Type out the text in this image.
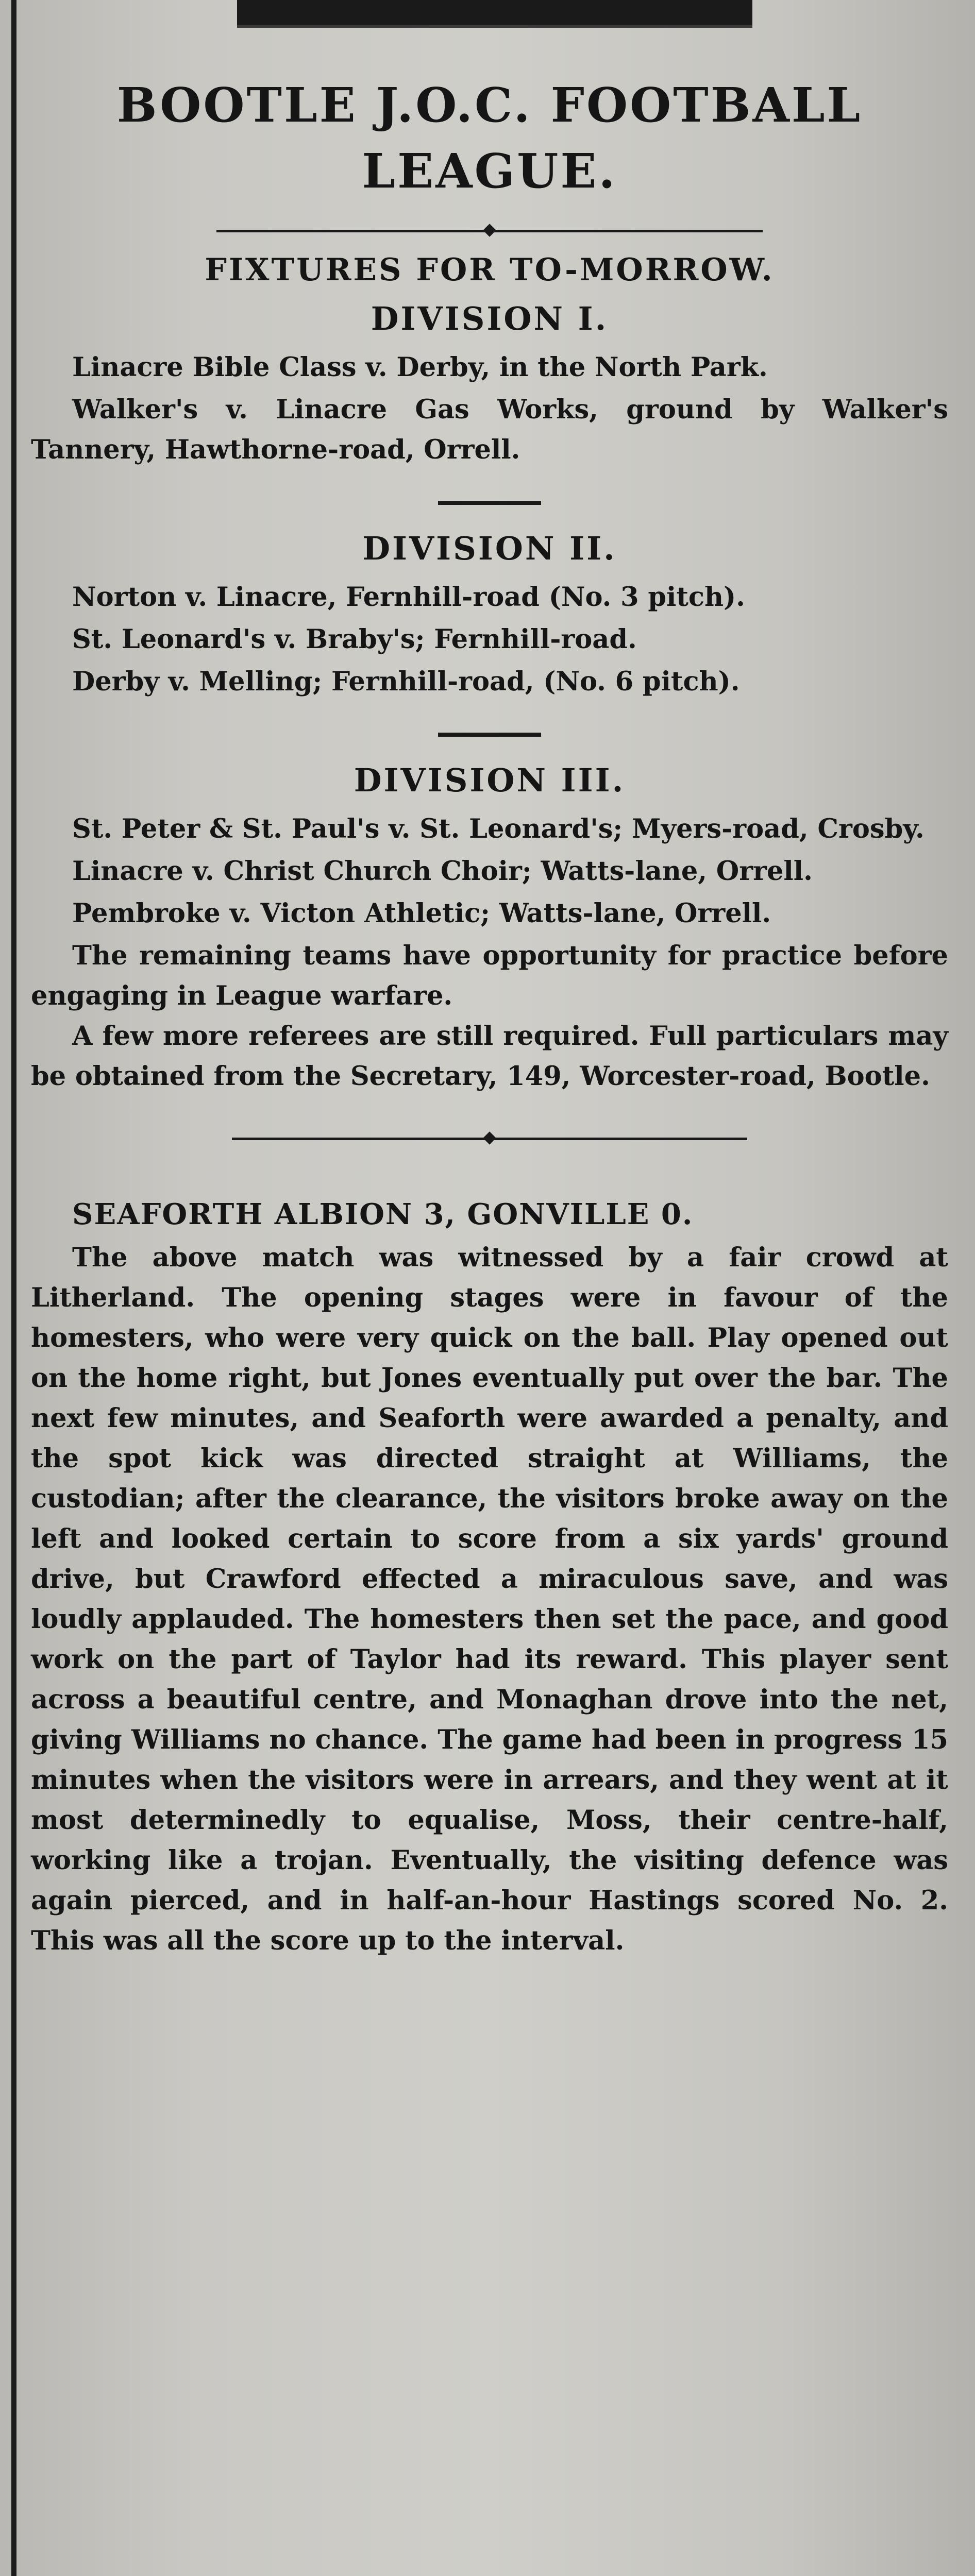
BOOTLE J.O.C. FOOTBALL LEAGUE.
FIXTURES FOR TO-MORROW.
DIVISION I.

Linacre Bible Class v. Derby, in the North Park.

Walker's v. Linacre Gas Works, ground by Walker's Tannery, Hawthorne-road, Orrell.

DIVISION II.

Norton v. Linacre, Fernhill-road (No. 3 pitch).

St. Leonard's v. Braby's; Fernhill-road.

Derby v. Melling; Fernhill-road, (No. 6 pitch).

DIVISION III.

St. Peter & St. Paul's v. St. Leonard's; Myers-road, Crosby.

Linacre v. Christ Church Choir; Watts-lane, Orrell.

Pembroke v. Victon Athletic; Watts-lane, Orrell.

The remaining teams have opportunity for practice before engaging in League warfare.

A few more referees are still required. Full particulars may be obtained from the Secretary, 149, Worcester-road, Bootle.

SEAFORTH ALBION 3, GONVILLE 0.

The above match was witnessed by a fair crowd at Litherland. The opening stages were in favour of the homesters, who were very quick on the ball. Play opened out on the home right, but Jones eventually put over the bar. The next few minutes, and Seaforth were awarded a penalty, and the spot kick was directed straight at Williams, the custodian; after the clearance, the visitors broke away on the left and looked certain to score from a six yards' ground drive, but Crawford effected a miraculous save, and was loudly applauded. The homesters then set the pace, and good work on the part of Taylor had its reward. This player sent across a beautiful centre, and Monaghan drove into the net, giving Williams no chance. The game had been in progress 15 minutes when the visitors were in arrears, and they went at it most determinedly to equalise, Moss, their centre-half, working like a trojan. Eventually, the visiting defence was again pierced, and in half-an-hour Hastings scored No. 2. This was all the score up to the interval.
